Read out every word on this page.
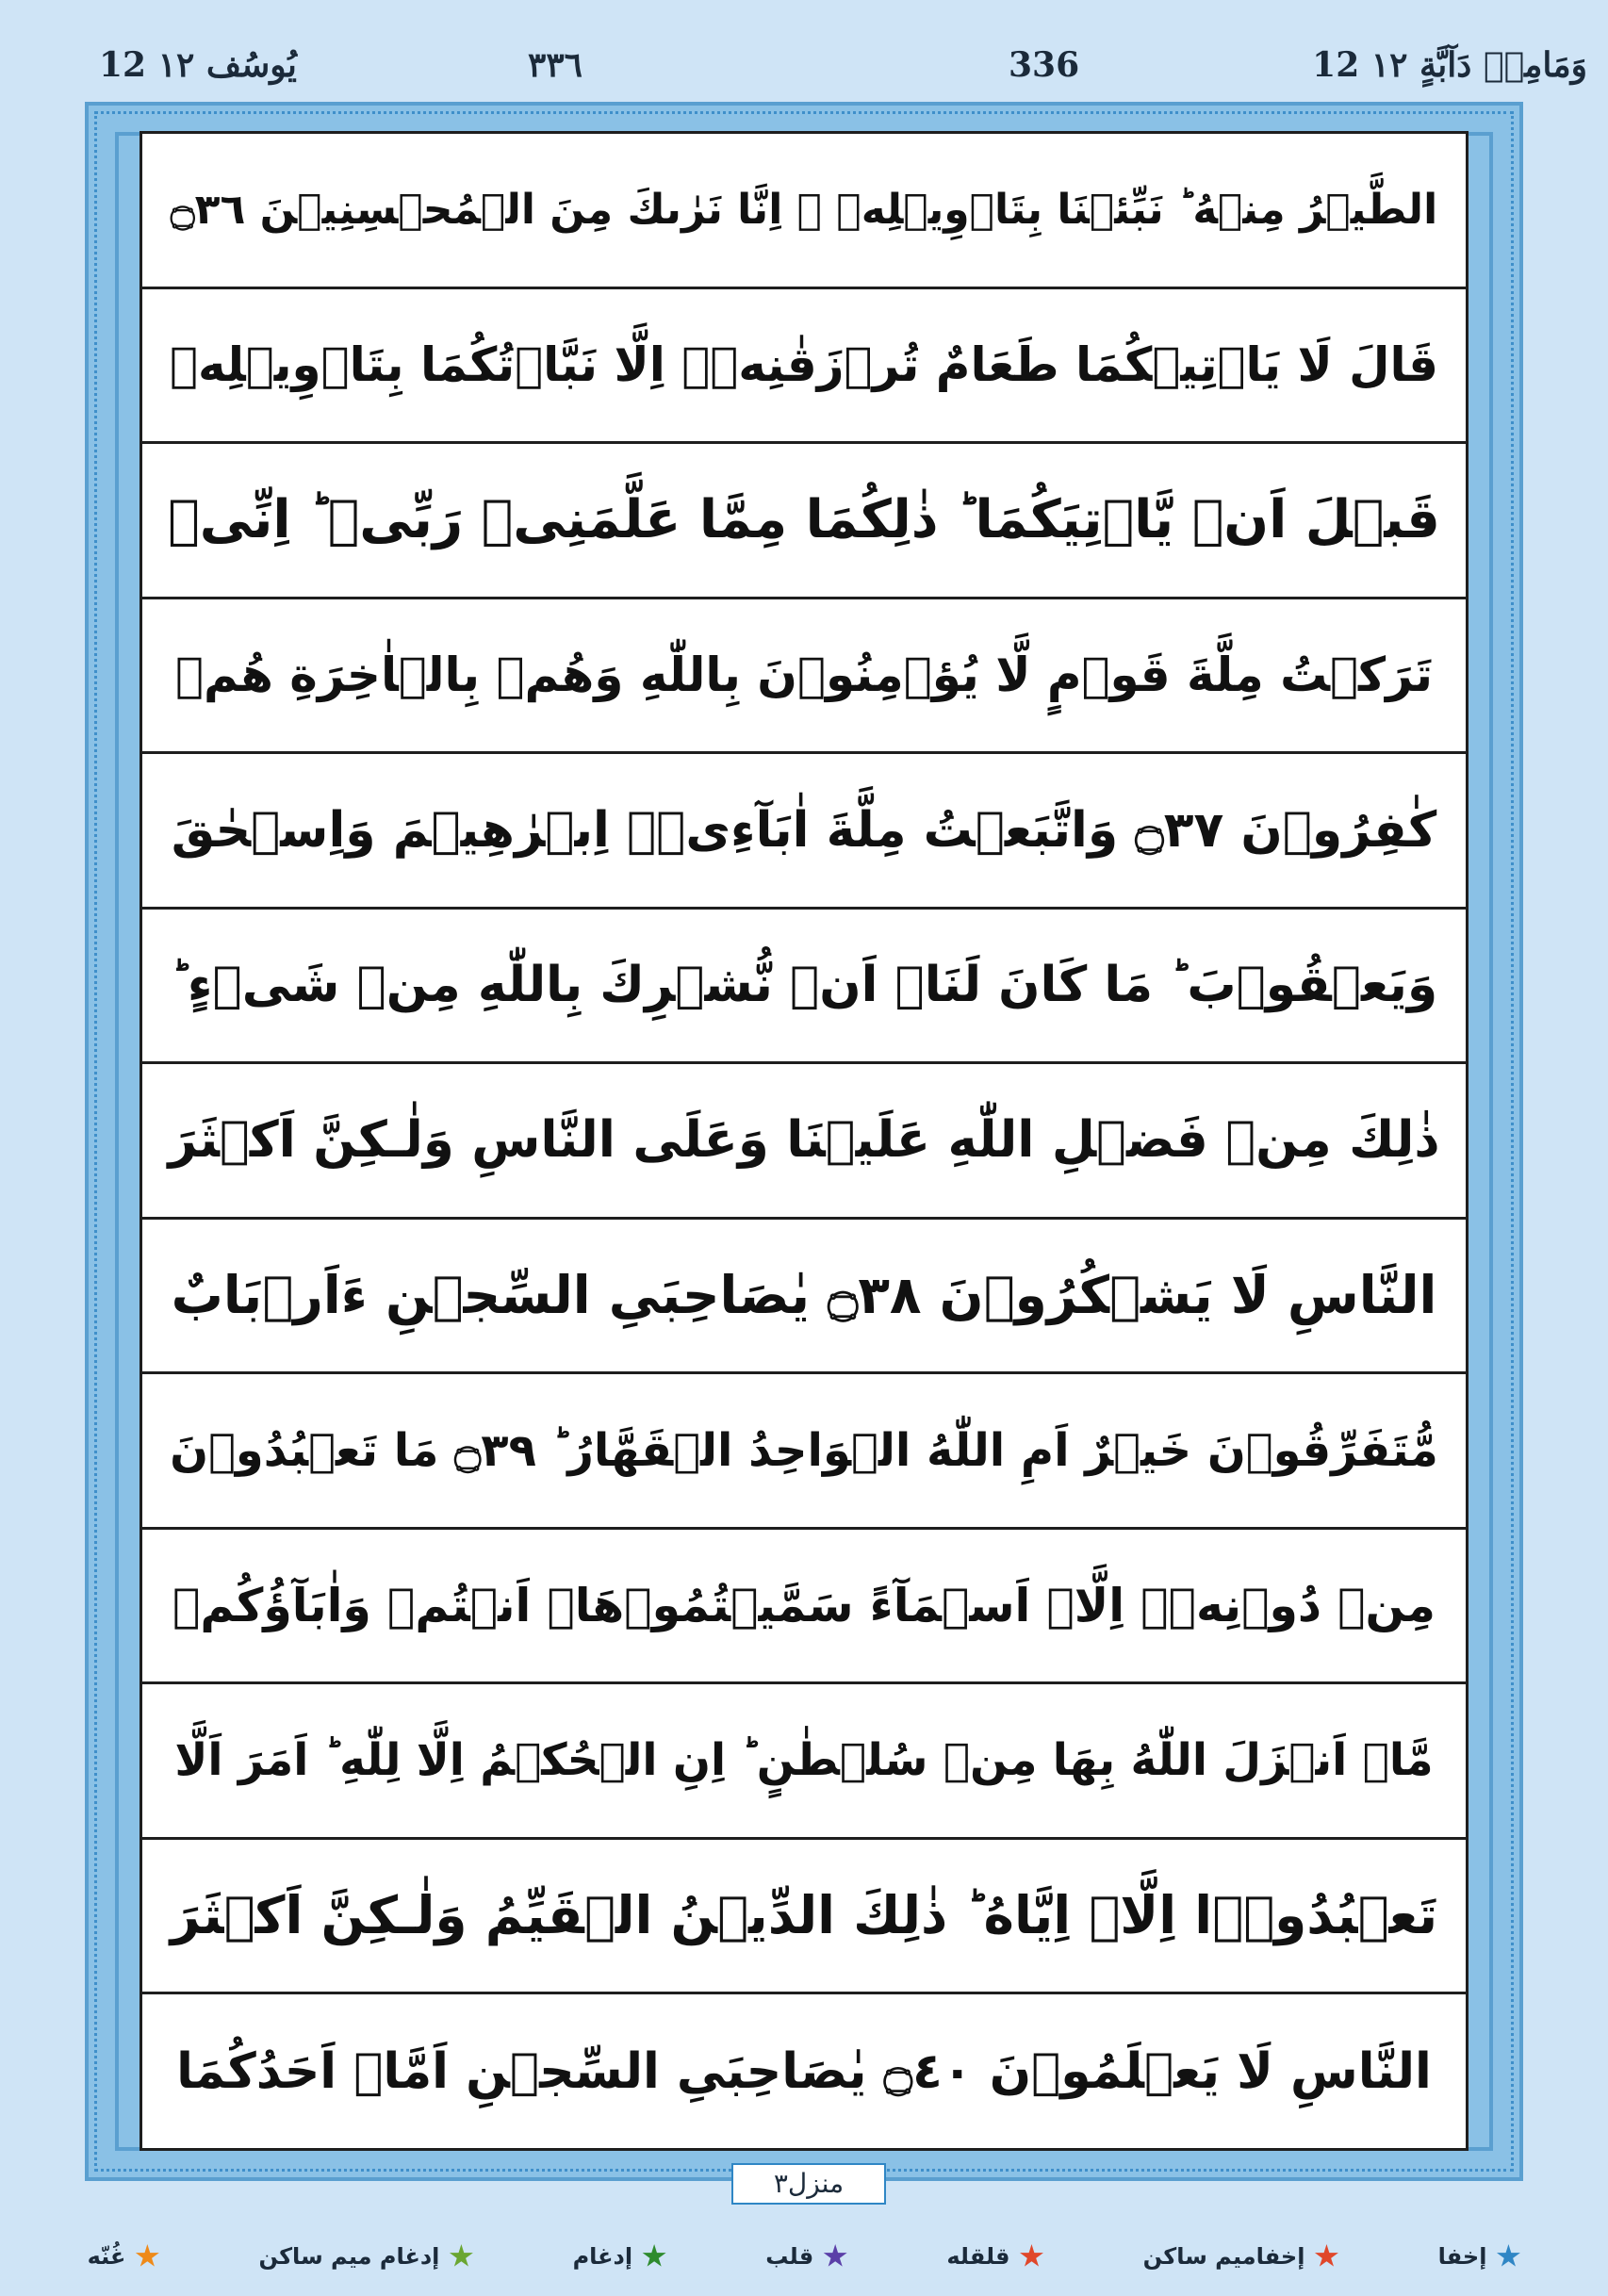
12 يُوسُف ١٢	٣٣٦	336	12 وَمَامِنۡ دَآبَّةٍ ١٢
الطَّيۡرُ مِنۡهُ ؕ نَبِّئۡنَا بِتَاۡوِيۡلِهٖ ۚ اِنَّا نَرٰٮكَ مِنَ الۡمُحۡسِنِيۡنَ ۝٣٦
قَالَ لَا يَاۡتِيۡكُمَا طَعَامٌ تُرۡزَقٰنِهٖۤ اِلَّا نَبَّاۡتُكُمَا بِتَاۡوِيۡلِهٖ
قَبۡلَ اَنۡ يَّاۡتِيَكُمَا ؕ ذٰلِكُمَا مِمَّا عَلَّمَنِىۡ رَبِّىۡ ؕ اِنِّىۡ
تَرَكۡتُ مِلَّةَ قَوۡمٍ لَّا يُؤۡمِنُوۡنَ بِاللّٰهِ وَهُمۡ بِالۡاٰخِرَةِ هُمۡ
كٰفِرُوۡنَ ۝٣٧ وَاتَّبَعۡتُ مِلَّةَ اٰبَآءِىۡۤ اِبۡرٰهِيۡمَ وَاِسۡحٰقَ
وَيَعۡقُوۡبَ ؕ مَا كَانَ لَنَاۤ اَنۡ نُّشۡرِكَ بِاللّٰهِ مِنۡ شَىۡءٍ ؕ
ذٰلِكَ مِنۡ فَضۡلِ اللّٰهِ عَلَيۡنَا وَعَلَى النَّاسِ وَلٰـكِنَّ اَكۡثَرَ
النَّاسِ لَا يَشۡكُرُوۡنَ ۝٣٨ يٰصَاحِبَىِ السِّجۡنِ ءَاَرۡبَابٌ
مُّتَفَرِّقُوۡنَ خَيۡرٌ اَمِ اللّٰهُ الۡوَاحِدُ الۡقَهَّارُ ؕ ۝٣٩ مَا تَعۡبُدُوۡنَ
مِنۡ دُوۡنِهٖۤ اِلَّاۤ اَسۡمَآءً سَمَّيۡتُمُوۡهَاۤ اَنۡتُمۡ وَاٰبَآؤُكُمۡ
مَّاۤ اَنۡزَلَ اللّٰهُ بِهَا مِنۡ سُلۡطٰنٍ ؕ اِنِ الۡحُكۡمُ اِلَّا لِلّٰهِ ؕ اَمَرَ اَلَّا
تَعۡبُدُوۡۤا اِلَّاۤ اِيَّاهُ ؕ ذٰلِكَ الدِّيۡنُ الۡقَيِّمُ وَلٰـكِنَّ اَكۡثَرَ
النَّاسِ لَا يَعۡلَمُوۡنَ ۝٤٠ يٰصَاحِبَىِ السِّجۡنِ اَمَّاۤ اَحَدُكُمَا
منزل٣
إخفا
إخفاميم ساكن
قلقله
قلب
إدغام
إدغام ميم ساكن
غُنّه
